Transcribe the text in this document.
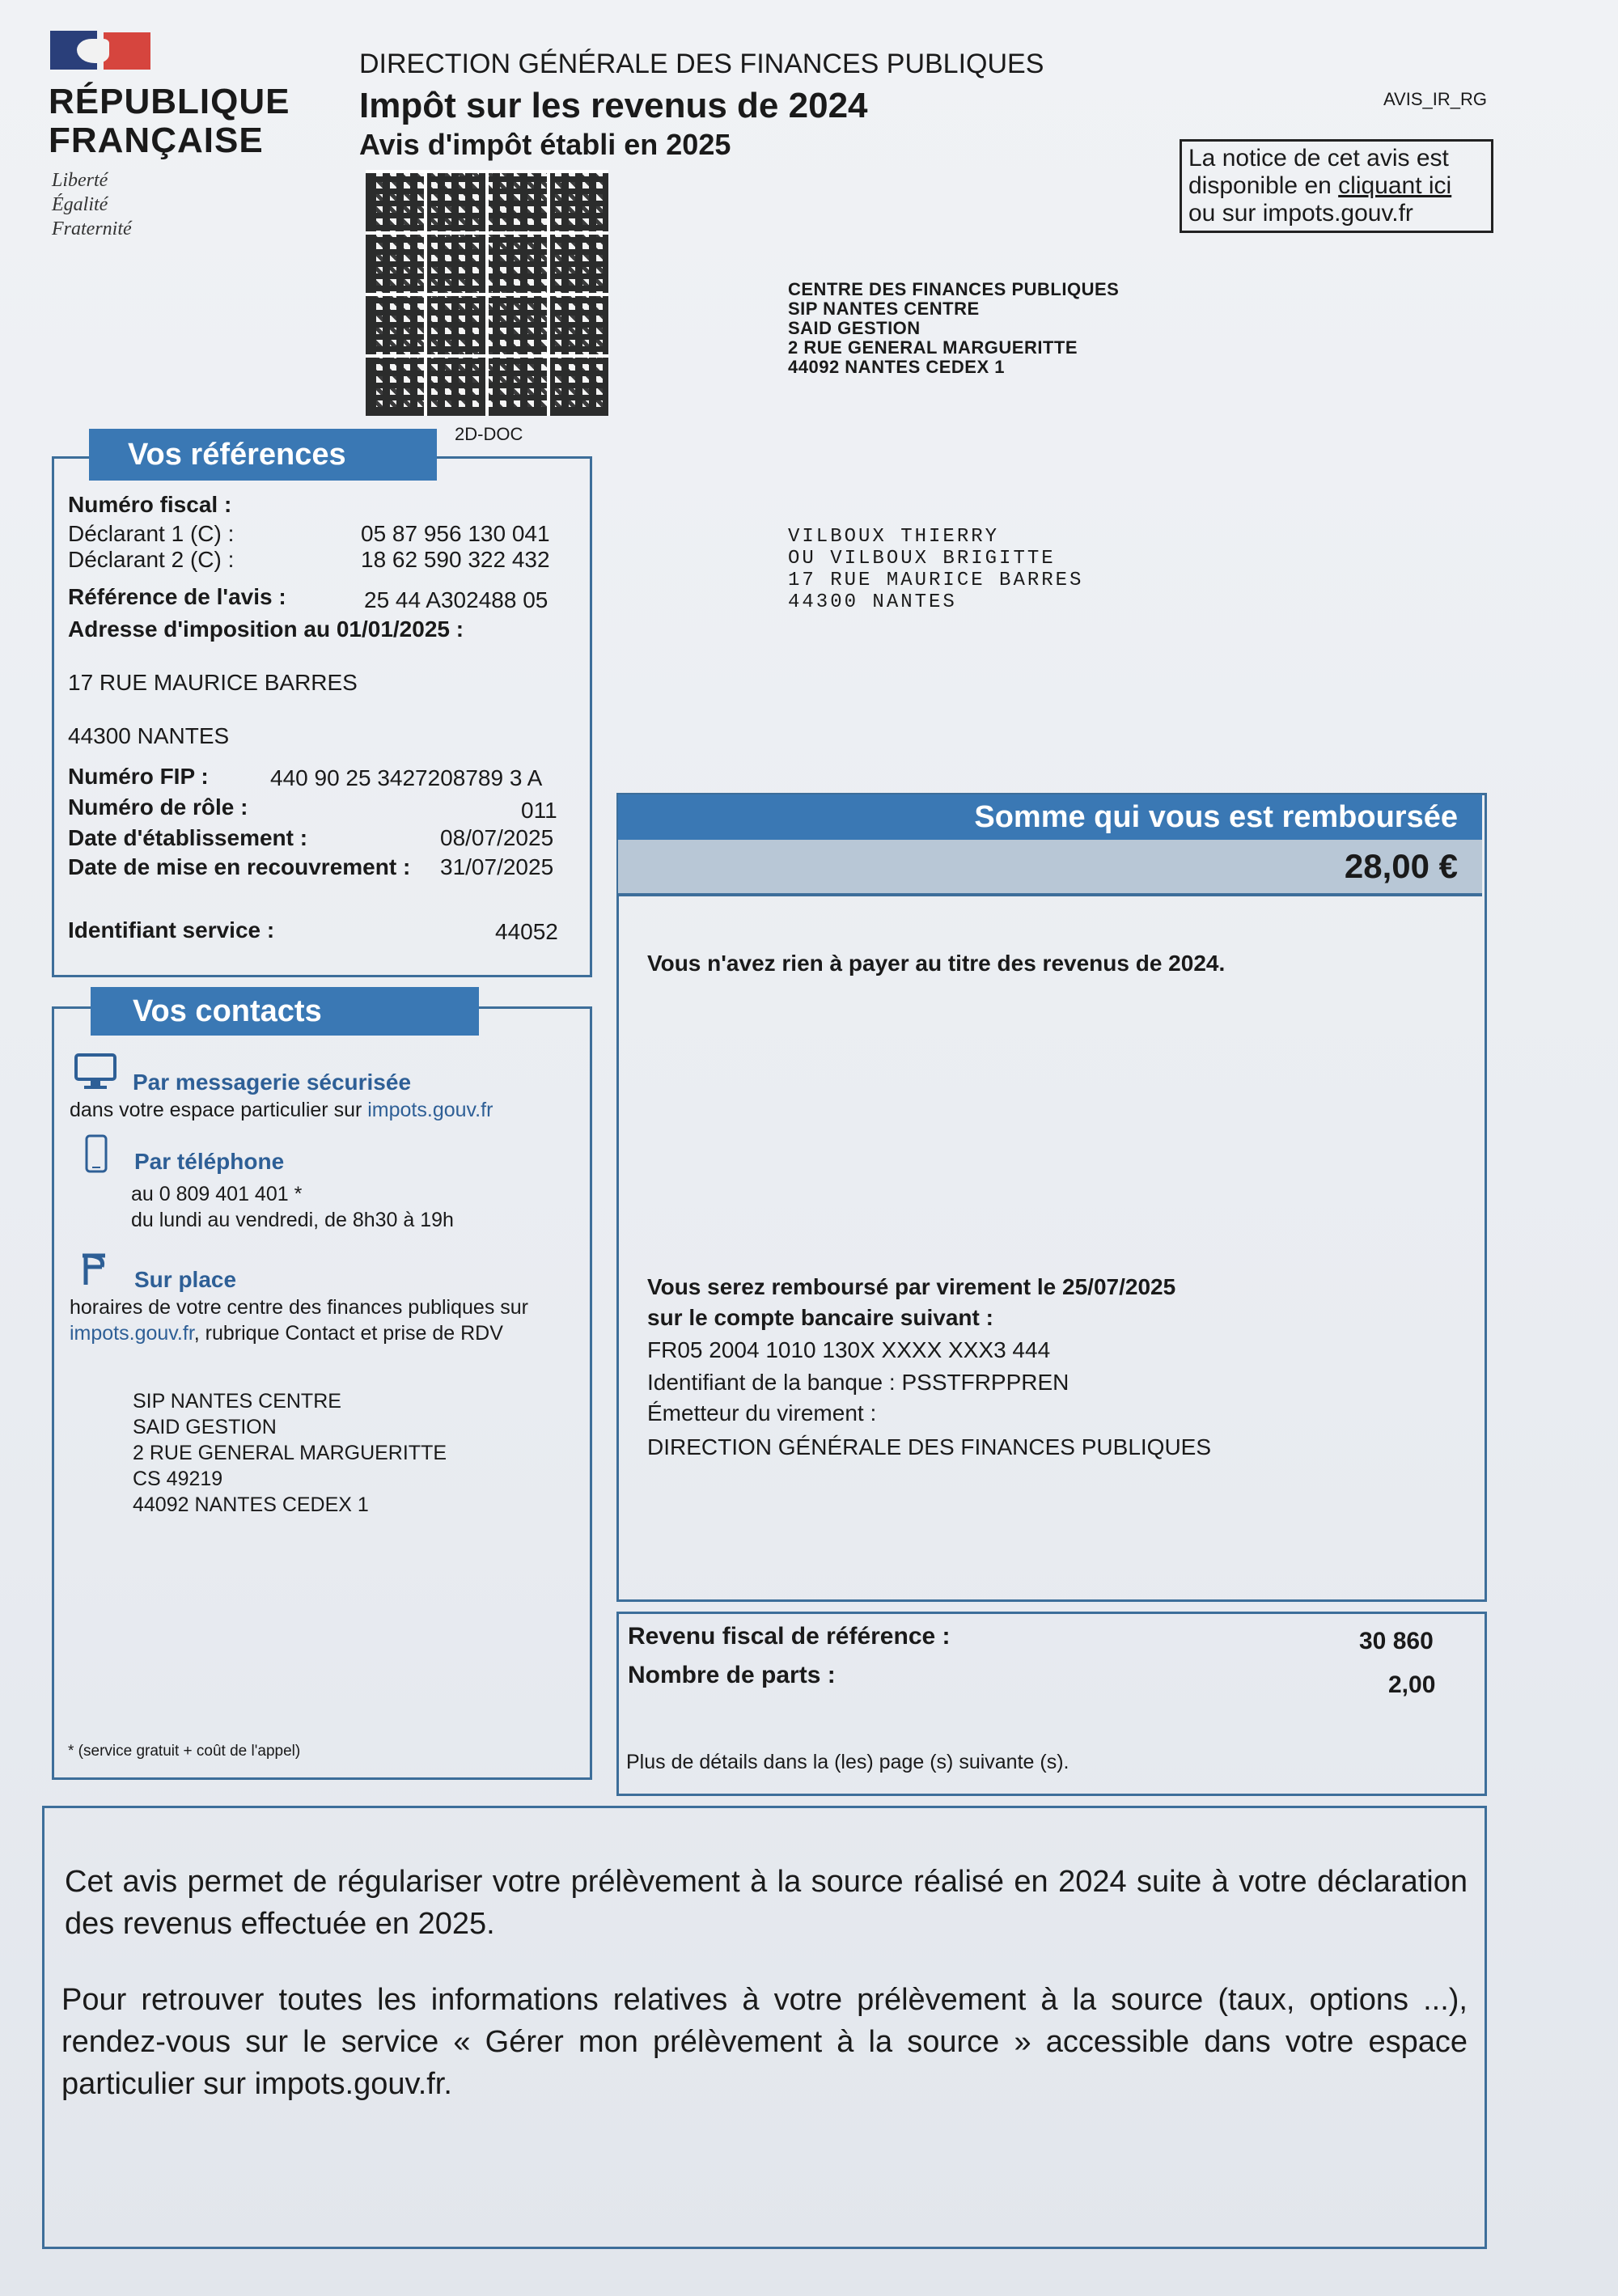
RÉPUBLIQUE
FRANÇAISE
Liberté
Égalité
Fraternité
DIRECTION GÉNÉRALE DES FINANCES PUBLIQUES
Impôt sur les revenus de 2024
Avis d'impôt établi en 2025
AVIS_IR_RG
La notice de cet avis est
disponible en cliquant ici
ou sur impots.gouv.fr
2D-DOC
CENTRE DES FINANCES PUBLIQUES
SIP NANTES CENTRE
SAID GESTION
2 RUE GENERAL MARGUERITTE
44092 NANTES CEDEX 1
VILBOUX THIERRY
OU VILBOUX BRIGITTE
17 RUE MAURICE BARRES
44300 NANTES
Vos références
Numéro fiscal :
Déclarant 1 (C) :	05 87 956 130 041
Déclarant 2 (C) :	18 62 590 322 432
Référence de l'avis :	25 44 A302488 05
Adresse d'imposition au 01/01/2025 :
17 RUE MAURICE BARRES
44300 NANTES
Numéro FIP :	440 90 25 3427208789 3 A
Numéro de rôle :	011
Date d'établissement :	08/07/2025
Date de mise en recouvrement : 31/07/2025
Identifiant service :	44052
Vos contacts
Par messagerie sécurisée
dans votre espace particulier sur impots.gouv.fr
Par téléphone
au 0 809 401 401 *
du lundi au vendredi, de 8h30 à 19h
Sur place
horaires de votre centre des finances publiques sur
impots.gouv.fr, rubrique Contact et prise de RDV
SIP NANTES CENTRE
SAID GESTION
2 RUE GENERAL MARGUERITTE
CS 49219
44092 NANTES CEDEX 1
* (service gratuit + coût de l'appel)
Somme qui vous est remboursée
28,00 €
Vous n'avez rien à payer au titre des revenus de 2024.
Vous serez remboursé par virement le 25/07/2025
sur le compte bancaire suivant :
FR05 2004 1010 130X XXXX XXX3 444
Identifiant de la banque : PSSTFRPPREN
Émetteur du virement :
DIRECTION GÉNÉRALE DES FINANCES PUBLIQUES
Revenu fiscal de référence :	30 860
Nombre de parts :	2,00
Plus de détails dans la (les) page (s) suivante (s).
Cet avis permet de régulariser votre prélèvement à la source réalisé en 2024 suite à votre déclaration des revenus effectuée en 2025.
Pour retrouver toutes les informations relatives à votre prélèvement à la source (taux, options ...), rendez-vous sur le service « Gérer mon prélèvement à la source » accessible dans votre espace particulier sur impots.gouv.fr.
